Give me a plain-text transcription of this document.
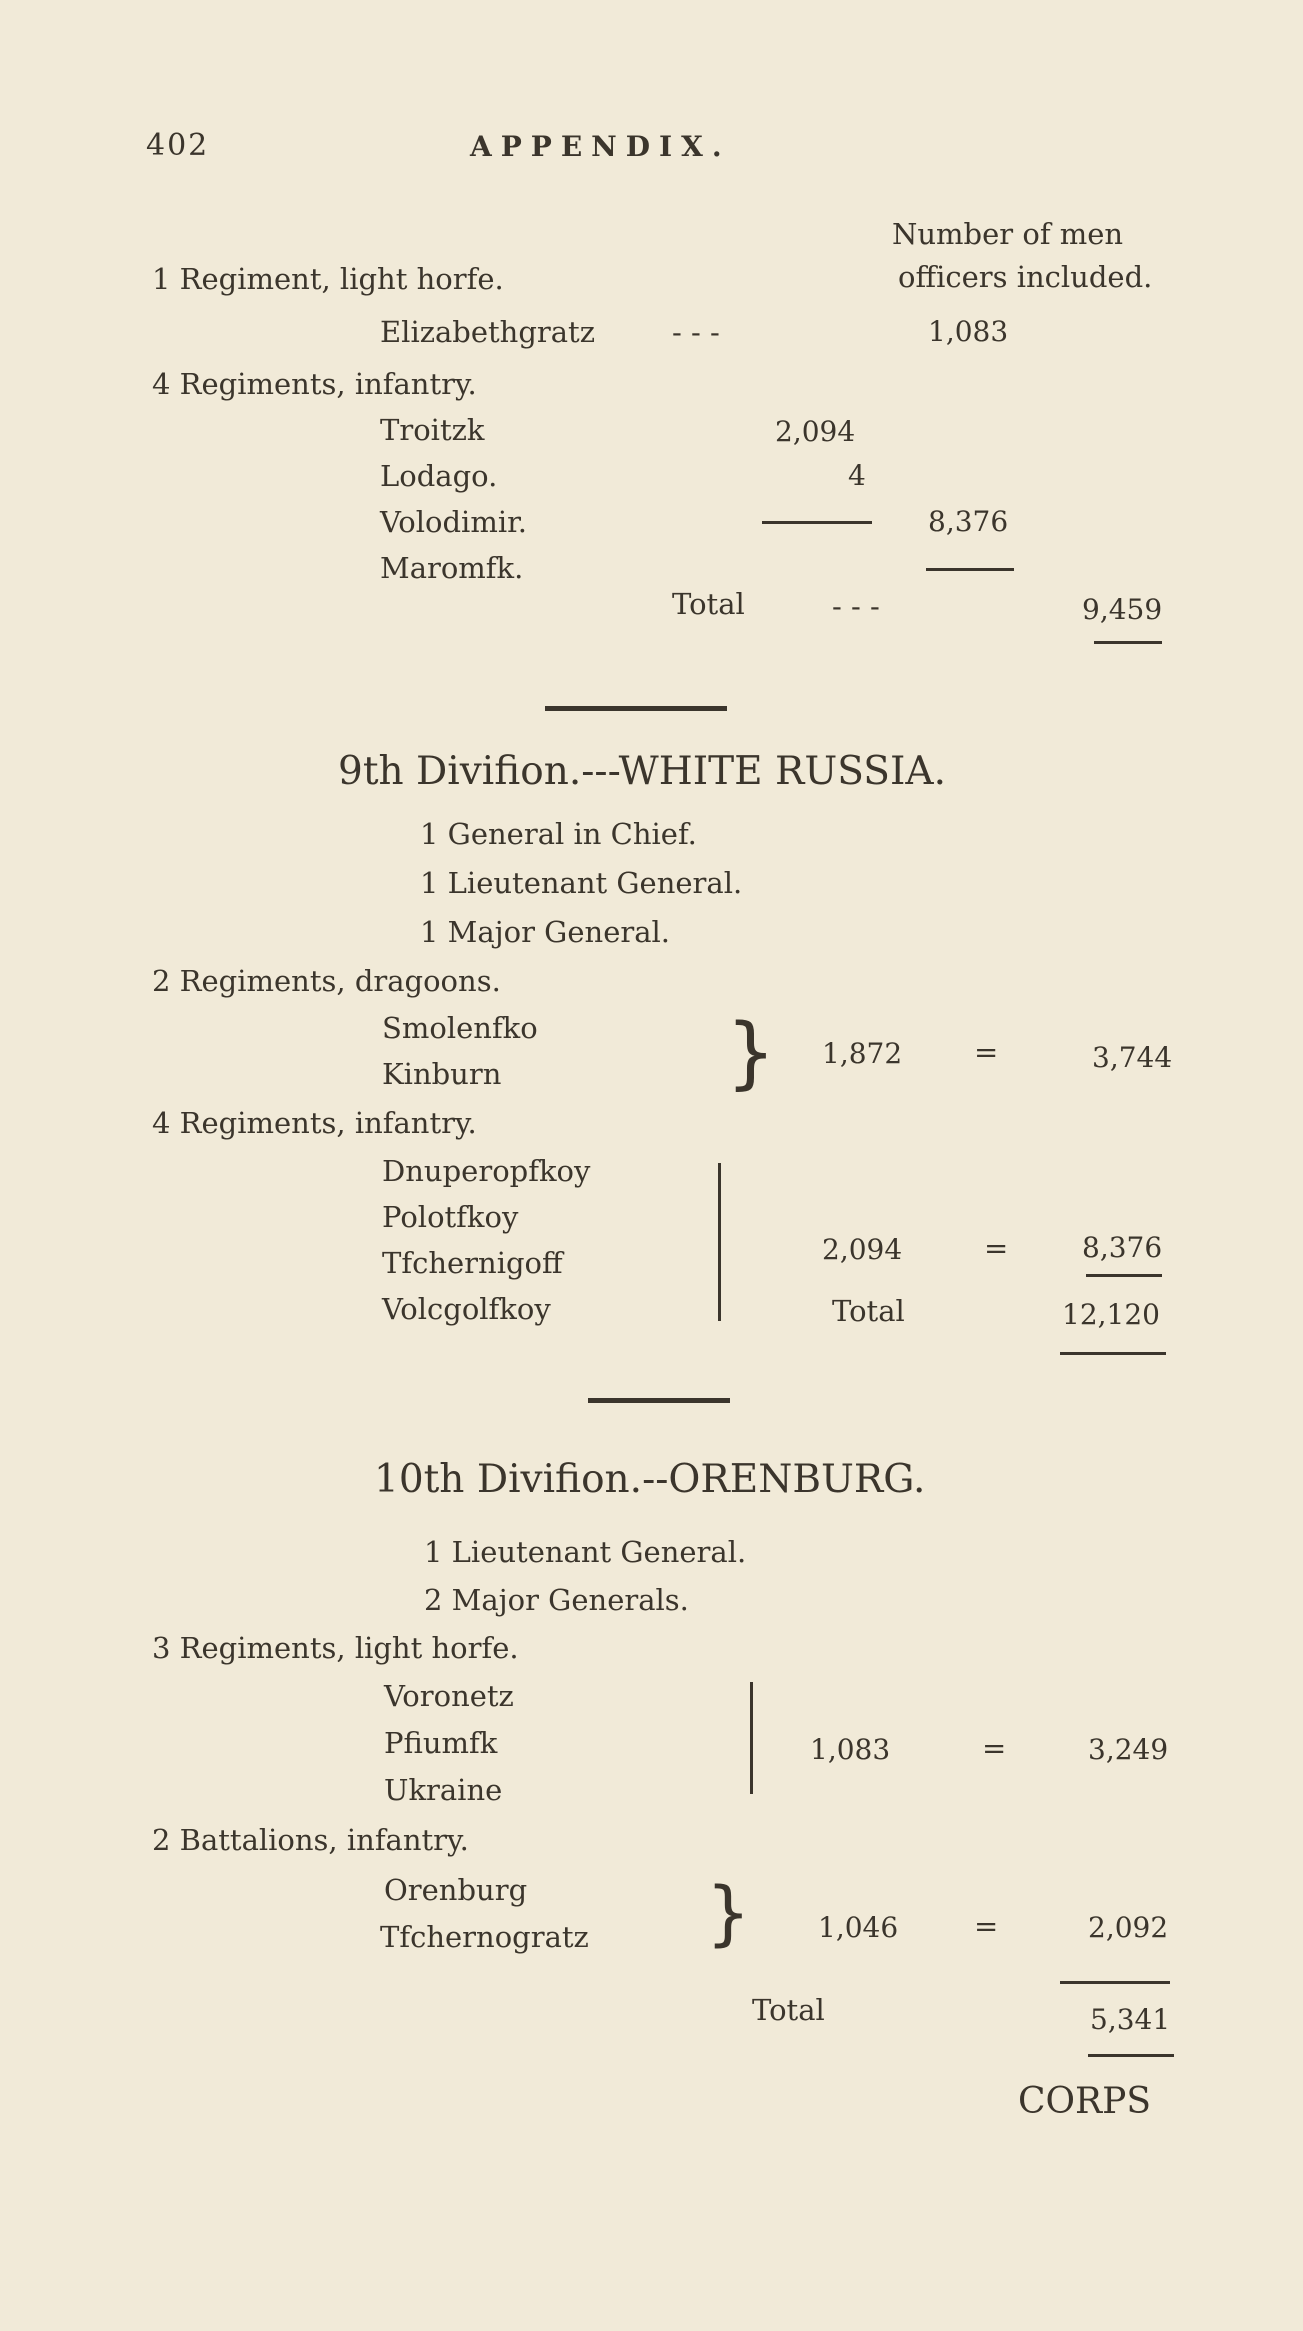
402	APPENDIX.
Number of men
officers included.
1 Regiment, light horfe.
Elizabethgratz	- - -	1,083
4 Regiments, infantry.
Troitzk	2,094
Lodago.	4
Volodimir.	8,376
Maromfk.
Total	- - -	9,459
9th Divifion.---WHITE RUSSIA.
1 General in Chief.
1 Lieutenant General.
1 Major General.
2 Regiments, dragoons.
Smolenfko
Kinburn	} 1,872 =	3,744
4 Regiments, infantry.
Dnuperopfkoy
Polotfkoy
Tfchernigoff
Volcgolfkoy
2,094	=	8,376
Total	12,120
10th Divifion.--ORENBURG.
1 Lieutenant General.
2 Major Generals.
3 Regiments, light horfe.
Voronetz
Pfiumfk
Ukraine
1,083	=	3,249
2 Battalions, infantry.
Orenburg
Tfchernogratz } 1,046	=	2,092
Total	5,341
CORPS
